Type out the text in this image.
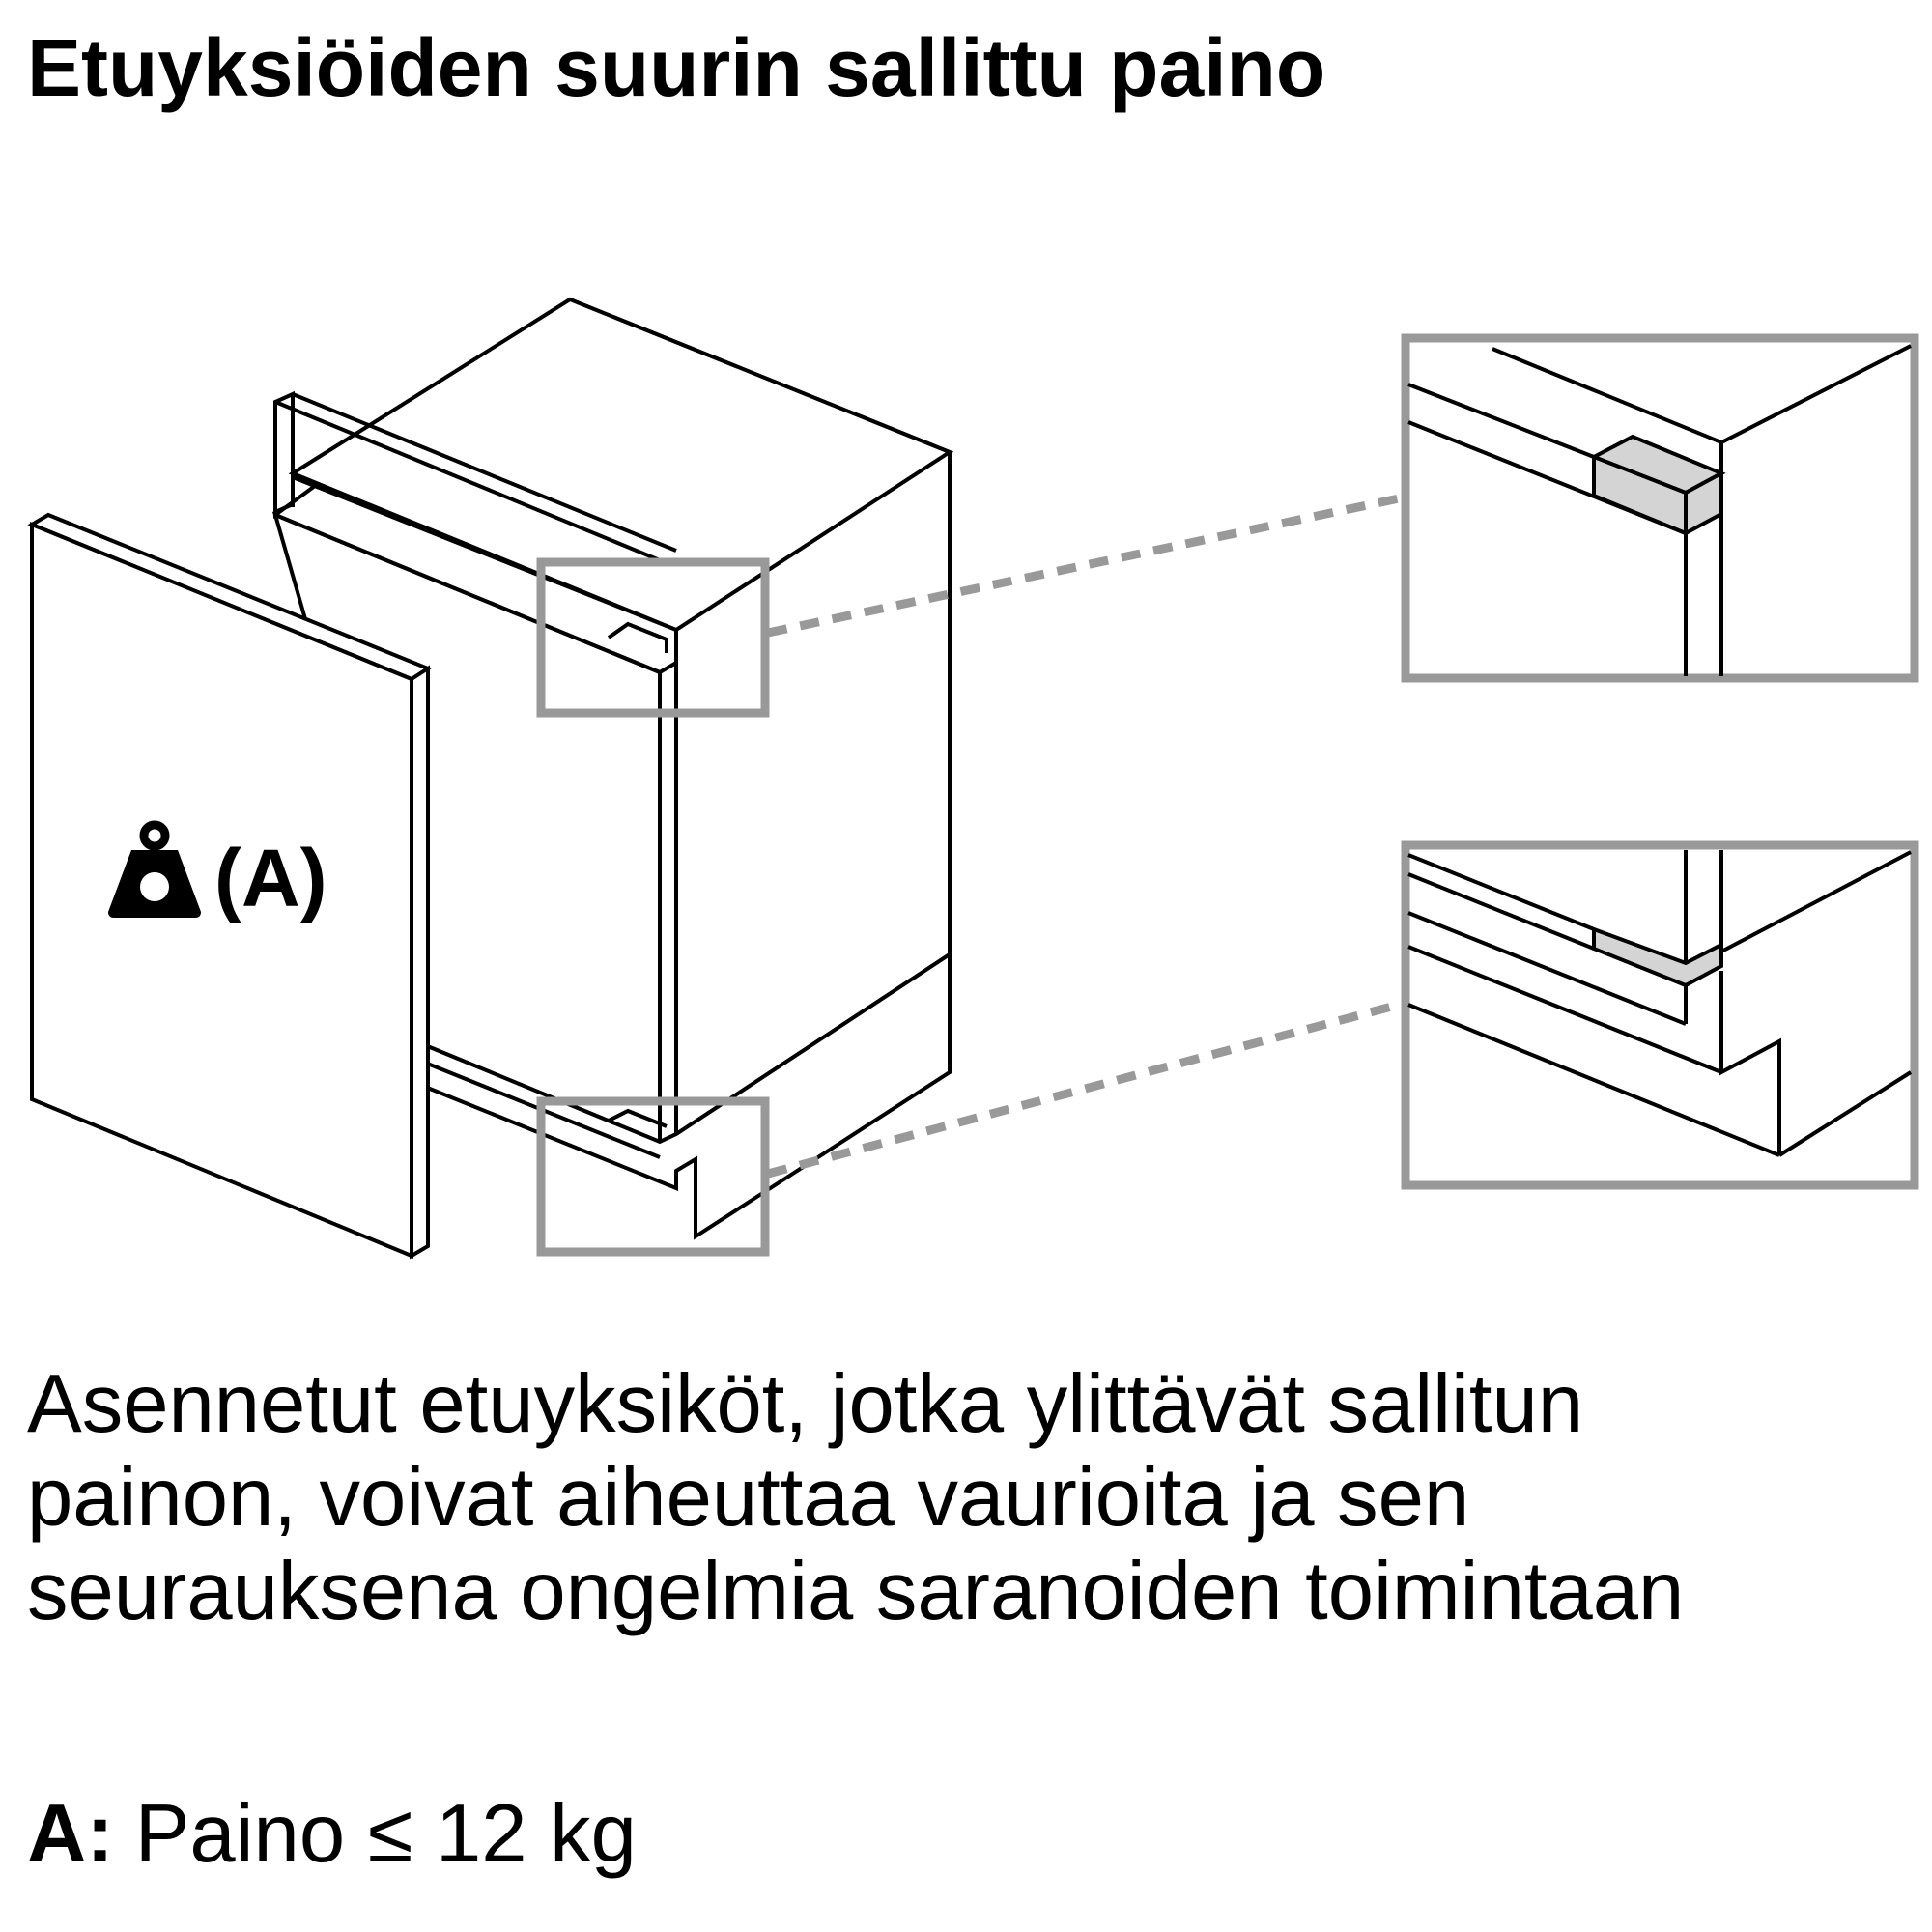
Etuyksiöiden suurin sallittu paino
(A)

Asennetut etuyksiköt, jotka ylittävät sallitun
painon, voivat aiheuttaa vaurioita ja sen
seurauksena ongelmia saranoiden toimintaan

A: Paino ≤ 12 kg
